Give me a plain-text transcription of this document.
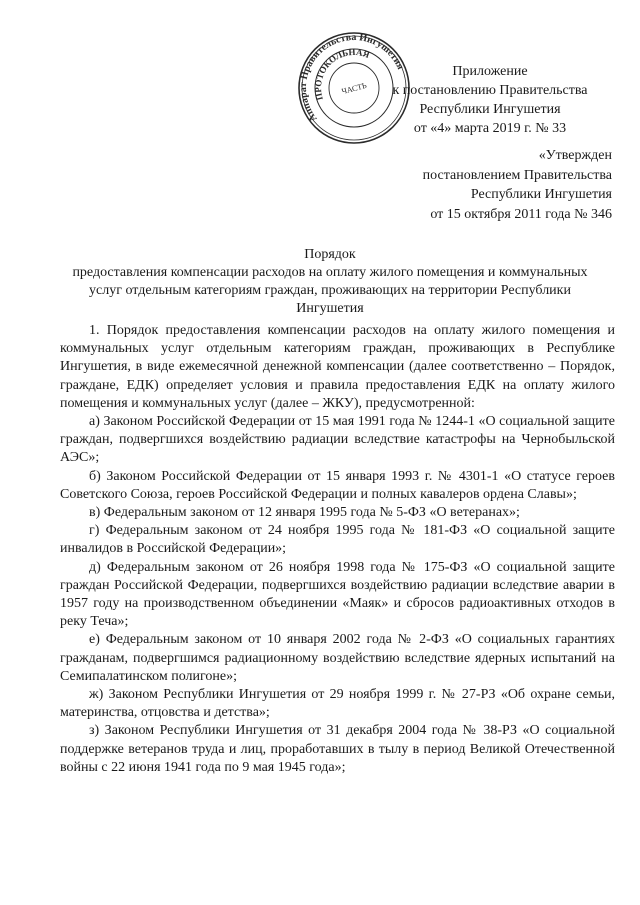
Аппарат Правительства Ингушетия
ПРОТОКОЛЬНАЯ
ЧАСТЬ
Приложение
к постановлению Правительства
Республики Ингушетия
от «4» марта 2019 г. № 33
«Утвержден
постановлением Правительства
Республики Ингушетия
от 15 октября 2011 года № 346
Порядок
предоставления компенсации расходов на оплату жилого помещения и коммунальных услуг отдельным категориям граждан, проживающих на территории Республики Ингушетия

1. Порядок предоставления компенсации расходов на оплату жилого помещения и коммунальных услуг отдельным категориям граждан, проживающих в Республике Ингушетия, в виде ежемесячной денежной компенсации (далее соответственно – Порядок, граждане, ЕДК) определяет условия и правила предоставления ЕДК на оплату жилого помещения и коммунальных услуг (далее – ЖКУ), предусмотренной:

а) Законом Российской Федерации от 15 мая 1991 года № 1244-1 «О социальной защите граждан, подвергшихся воздействию радиации вследствие катастрофы на Чернобыльской АЭС»;

б) Законом Российской Федерации от 15 января 1993 г. № 4301-1 «О статусе героев Советского Союза, героев Российской Федерации и полных кавалеров ордена Славы»;

в) Федеральным законом от 12 января 1995 года № 5-ФЗ «О ветеранах»;

г) Федеральным законом от 24 ноября 1995 года № 181-ФЗ «О социальной защите инвалидов в Российской Федерации»;

д) Федеральным законом от 26 ноября 1998 года № 175-ФЗ «О социальной защите граждан Российской Федерации, подвергшихся воздействию радиации вследствие аварии в 1957 году на производственном объединении «Маяк» и сбросов радиоактивных отходов в реку Теча»;

е) Федеральным законом от 10 января 2002 года № 2-ФЗ «О социальных гарантиях гражданам, подвергшимся радиационному воздействию вследствие ядерных испытаний на Семипалатинском полигоне»;

ж) Законом Республики Ингушетия от 29 ноября 1999 г. № 27-РЗ «Об охране семьи, материнства, отцовства и детства»;

з) Законом Республики Ингушетия от 31 декабря 2004 года № 38-РЗ «О социальной поддержке ветеранов труда и лиц, проработавших в тылу в период Великой Отечественной войны с 22 июня 1941 года по 9 мая 1945 года»;
